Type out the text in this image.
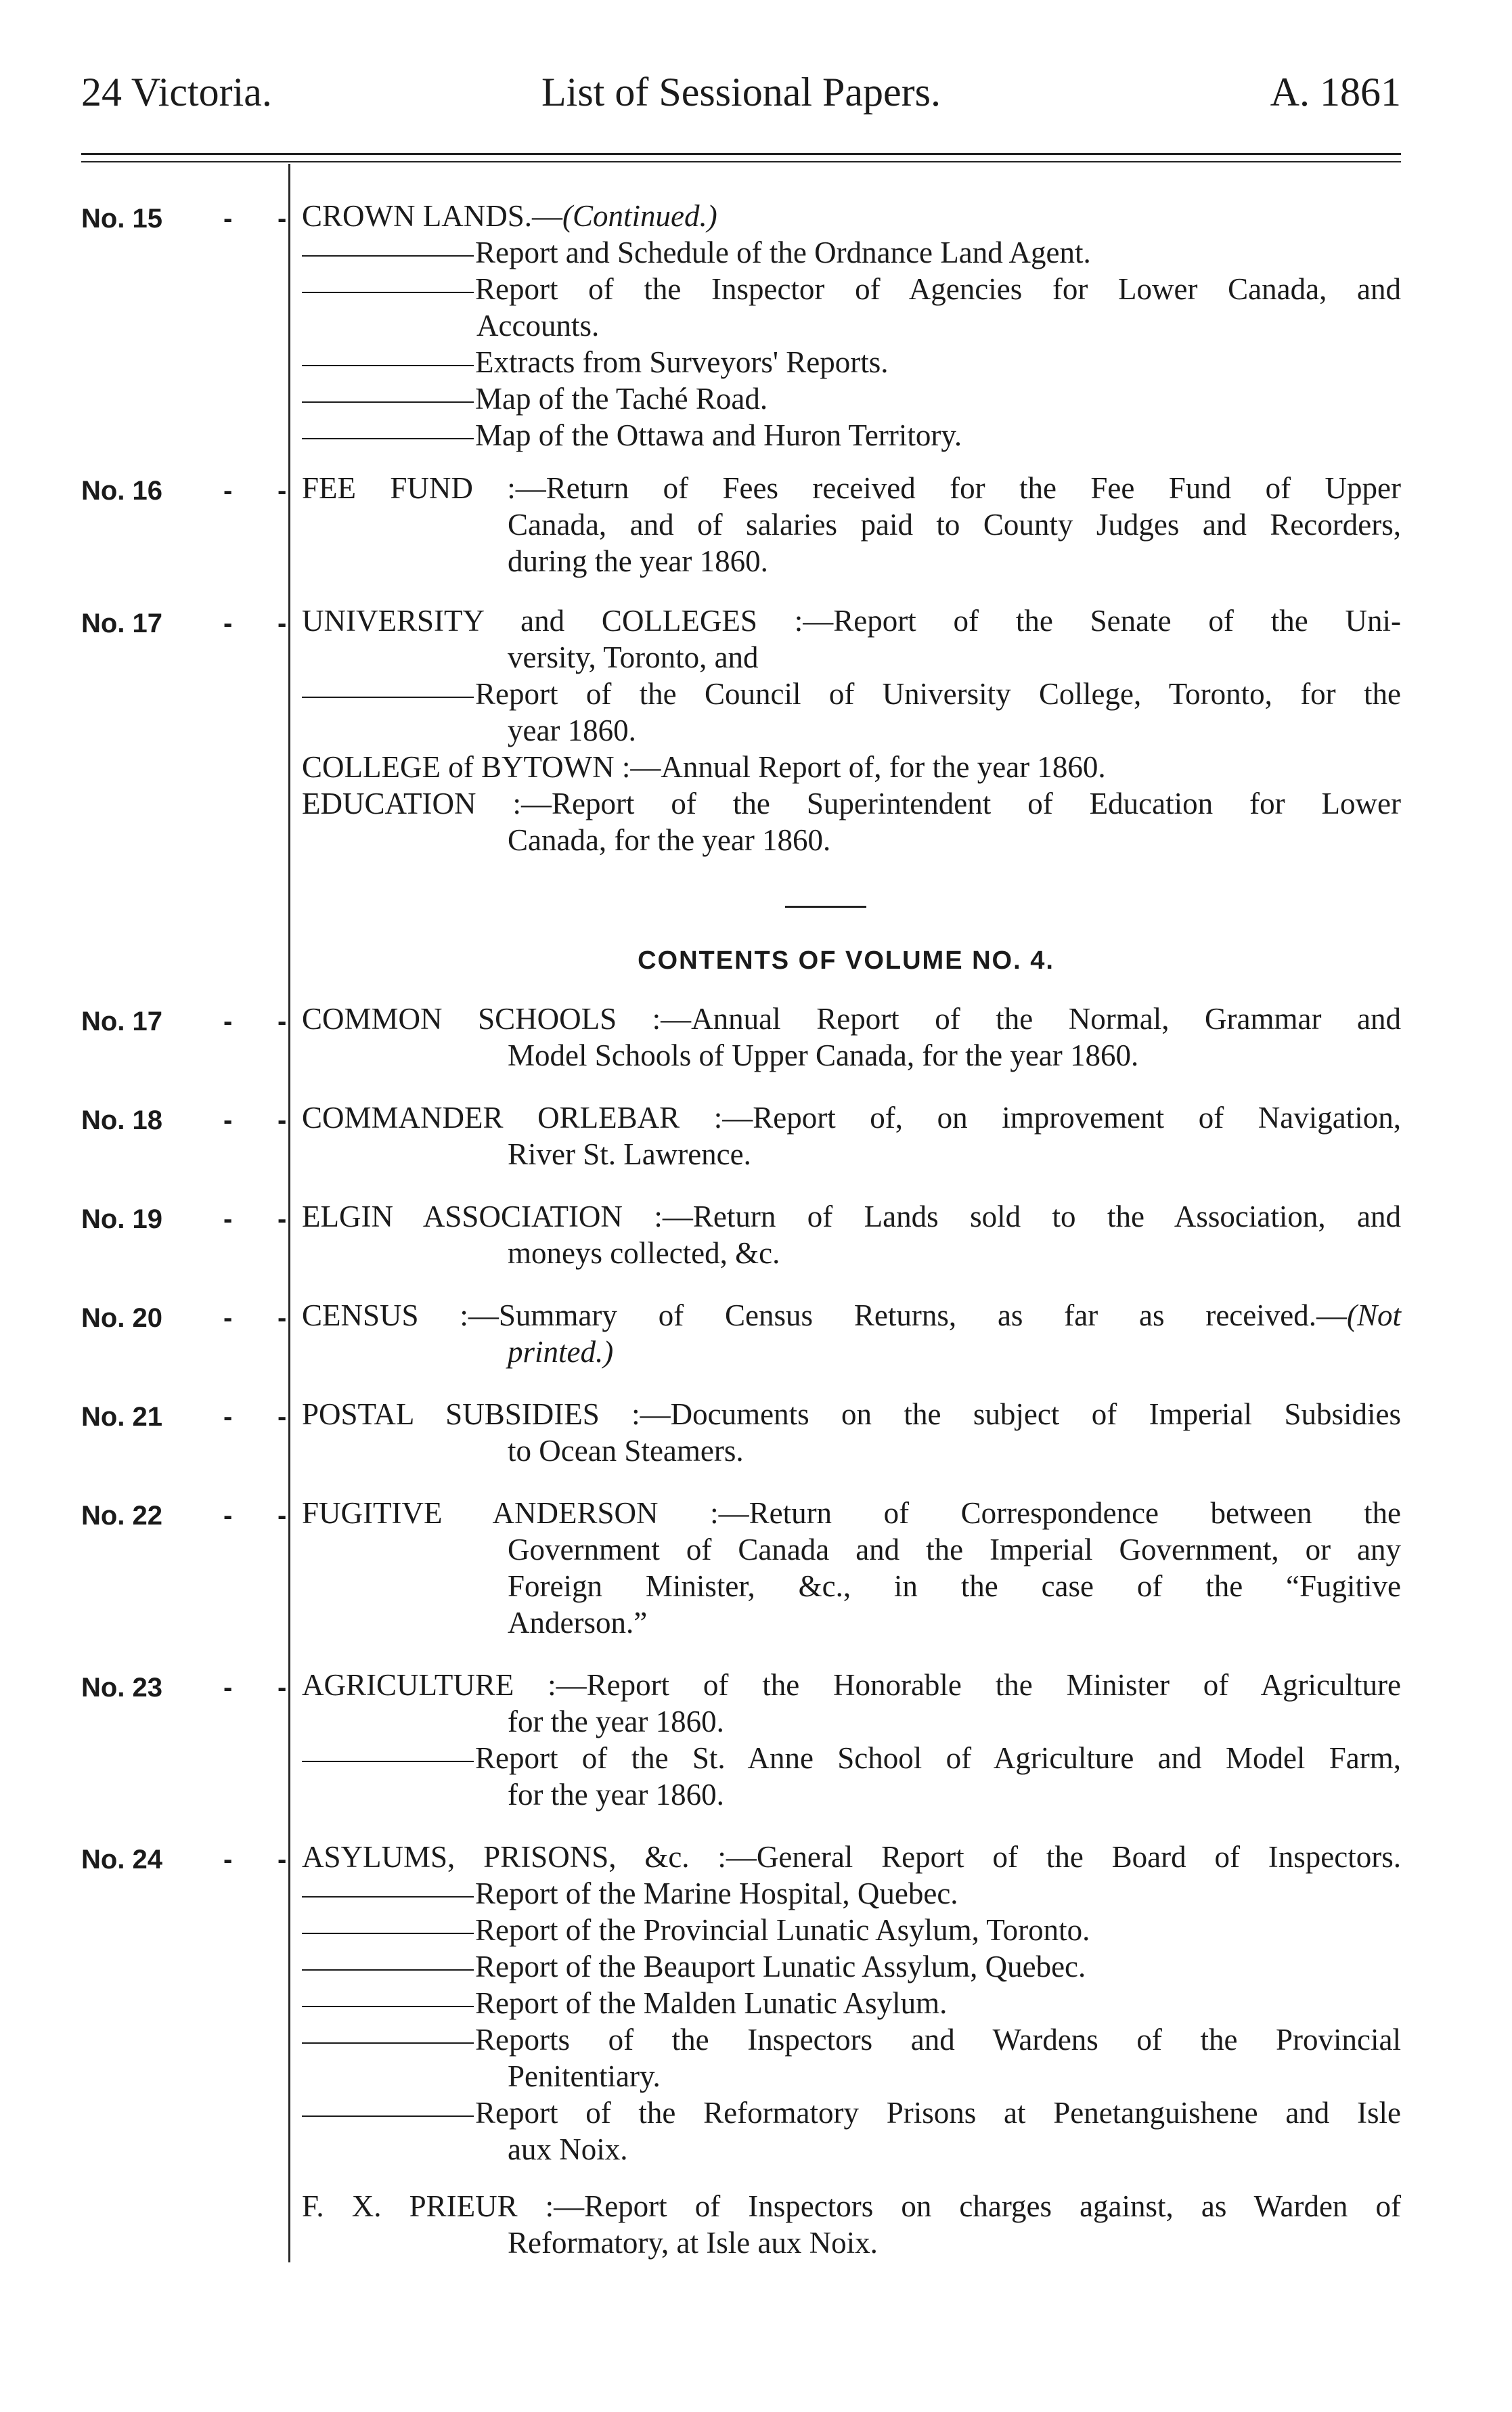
24 Victoria.	List of Sessional Papers.	A. 1861
No. 15 - - CROWN LANDS.—(Continued.)
Report and Schedule of the Ordnance Land Agent.
Report of the Inspector of Agencies for Lower Canada, and
Accounts.
Extracts from Surveyors' Reports.
Map of the Taché Road.
Map of the Ottawa and Huron Territory.
No. 16 - - FEE FUND :—Return of Fees received for the Fee Fund of Upper
Canada, and of salaries paid to County Judges and Recorders,
during the year 1860.
No. 17 - - UNIVERSITY and COLLEGES :—Report of the Senate of the Uni-
versity, Toronto, and
Report of the Council of University College, Toronto, for the
year 1860.
COLLEGE of BYTOWN :—Annual Report of, for the year 1860.
EDUCATION :—Report of the Superintendent of Education for Lower
Canada, for the year 1860.
CONTENTS OF VOLUME NO. 4.
No. 17 - - COMMON SCHOOLS :—Annual Report of the Normal, Grammar and
Model Schools of Upper Canada, for the year 1860.
No. 18 - - COMMANDER ORLEBAR :—Report of, on improvement of Navigation,
River St. Lawrence.
No. 19 - - ELGIN ASSOCIATION :—Return of Lands sold to the Association, and
moneys collected, &c.
No. 20 - - CENSUS :—Summary of Census Returns, as far as received.—(Not
printed.)
No. 21 - - POSTAL SUBSIDIES :—Documents on the subject of Imperial Subsidies
to Ocean Steamers.
No. 22 - - FUGITIVE ANDERSON :—Return of Correspondence between the
Government of Canada and the Imperial Government, or any
Foreign Minister, &c., in the case of the “Fugitive
Anderson.”
No. 23 - - AGRICULTURE :—Report of the Honorable the Minister of Agriculture
for the year 1860.
Report of the St. Anne School of Agriculture and Model Farm,
for the year 1860.
No. 24 - - ASYLUMS, PRISONS, &c. :—General Report of the Board of Inspectors.
Report of the Marine Hospital, Quebec.
Report of the Provincial Lunatic Asylum, Toronto.
Report of the Beauport Lunatic Assylum, Quebec.
Report of the Malden Lunatic Asylum.
Reports of the Inspectors and Wardens of the Provincial
Penitentiary.
Report of the Reformatory Prisons at Penetanguishene and Isle
aux Noix.
F. X. PRIEUR :—Report of Inspectors on charges against, as Warden of
Reformatory, at Isle aux Noix.
